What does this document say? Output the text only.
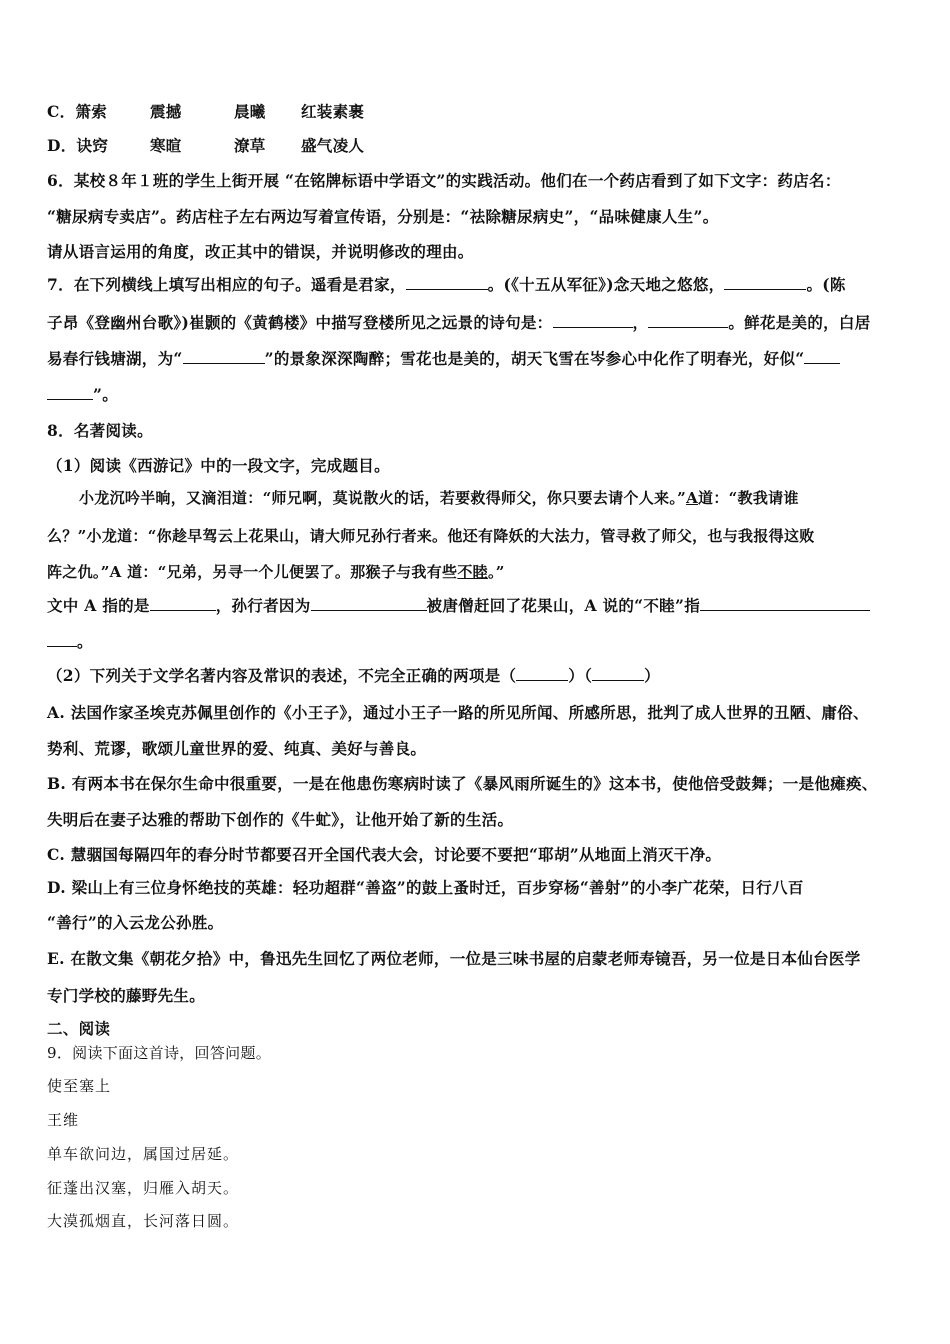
C．箫索	震撼	晨曦 红装素裹
D．诀窍	寒暄	潦草 盛气凌人
6．某校８年１班的学生上街开展 “在铭牌标语中学语文”的实践活动。他们在一个药店看到了如下文字：药店名：
“糖尿病专卖店”。药店柱子左右两边写着宣传语，分别是：“祛除糖尿病史”，“品味健康人生”。
请从语言运用的角度，改正其中的错误，并说明修改的理由。
7．在下列横线上填写出相应的句子。遥看是君家，	。(《十五从军征》)念天地之悠悠，	。(陈
子昂《登幽州台歌》)崔颢的《黄鹤楼》中描写登楼所见之远景的诗句是：	，	。鲜花是美的，白居
易春行钱塘湖，为“	”的景象深深陶醉；雪花也是美的，胡天飞雪在岑参心中化作了明春光，好似“
”。
8．名著阅读。
（1）阅读《西游记》中的一段文字，完成题目。
小龙沉吟半晌，又滴泪道：“师兄啊，莫说散火的话，若要救得师父，你只要去请个人来。”A道：“教我请谁
么？”小龙道：“你趁早驾云上花果山，请大师兄孙行者来。他还有降妖的大法力，管寻救了师父，也与我报得这败
阵之仇。”A 道：“兄弟，另寻一个儿便罢了。那猴子与我有些不睦。”
文中 A 指的是	，孙行者因为	被唐僧赶回了花果山，A 说的“不睦”指
。
（2）下列关于文学名著内容及常识的表述，不完全正确的两项是（	）（	）
A. 法国作家圣埃克苏佩里创作的《小王子》，通过小王子一路的所见所闻、所感所思，批判了成人世界的丑陋、庸俗、
势利、荒谬，歌颂儿童世界的爱、纯真、美好与善良。
B. 有两本书在保尔生命中很重要，一是在他患伤寒病时读了《暴风雨所诞生的》这本书，使他倍受鼓舞；一是他瘫痪、
失明后在妻子达雅的帮助下创作的《牛虻》，让他开始了新的生活。
C. 慧骃国每隔四年的春分时节都要召开全国代表大会，讨论要不要把“耶胡”从地面上消灭干净。
D. 梁山上有三位身怀绝技的英雄：轻功超群“善盗”的鼓上蚤时迁，百步穿杨“善射”的小李广花荣，日行八百
“善行”的入云龙公孙胜。
E. 在散文集《朝花夕拾》中，鲁迅先生回忆了两位老师，一位是三味书屋的启蒙老师寿镜吾，另一位是日本仙台医学
专门学校的藤野先生。
二、阅读
9．阅读下面这首诗，回答问题。
使至塞上
王维
单车欲问边，属国过居延。
征蓬出汉塞，归雁入胡天。
大漠孤烟直，长河落日圆。
